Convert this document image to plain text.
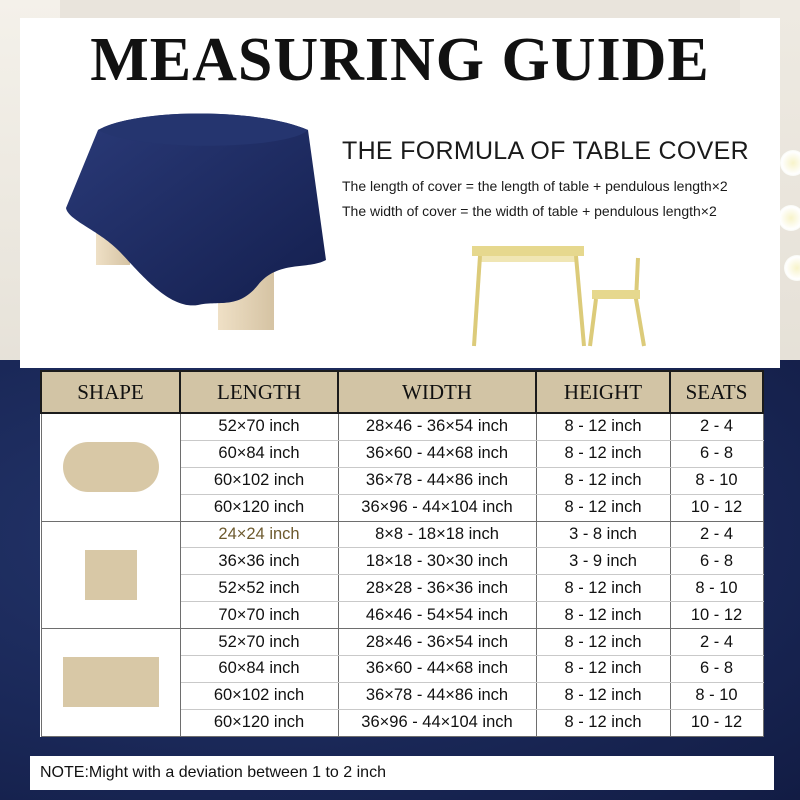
MEASURING GUIDE
THE FORMULA OF TABLE COVER
The length of cover = the length of table + pendulous length×2
The width of cover = the width of table + pendulous length×2
SHAPE	LENGTH	WIDTH	HEIGHT	SEATS

	52×70 inch	28×46 - 36×54 inch	8 - 12 inch	2 - 4
	60×84 inch	36×60 - 44×68 inch	8 - 12 inch	6 - 8
	60×102 inch	36×78 - 44×86 inch	8 - 12 inch	8 - 10
	60×120 inch	36×96 - 44×104 inch	8 - 12 inch	10 - 12

	24×24 inch	8×8 - 18×18 inch	3 - 8 inch	2 - 4
	36×36 inch	18×18 - 30×30 inch	3 - 9 inch	6 - 8
	52×52 inch	28×28 - 36×36 inch	8 - 12 inch	8 - 10
	70×70 inch	46×46 - 54×54 inch	8 - 12 inch	10 - 12

	52×70 inch	28×46 - 36×54 inch	8 - 12 inch	2 - 4
	60×84 inch	36×60 - 44×68 inch	8 - 12 inch	6 - 8
	60×102 inch	36×78 - 44×86 inch	8 - 12 inch	8 - 10
	60×120 inch	36×96 - 44×104 inch	8 - 12 inch	10 - 12
NOTE:Might with a deviation between 1 to 2 inch
